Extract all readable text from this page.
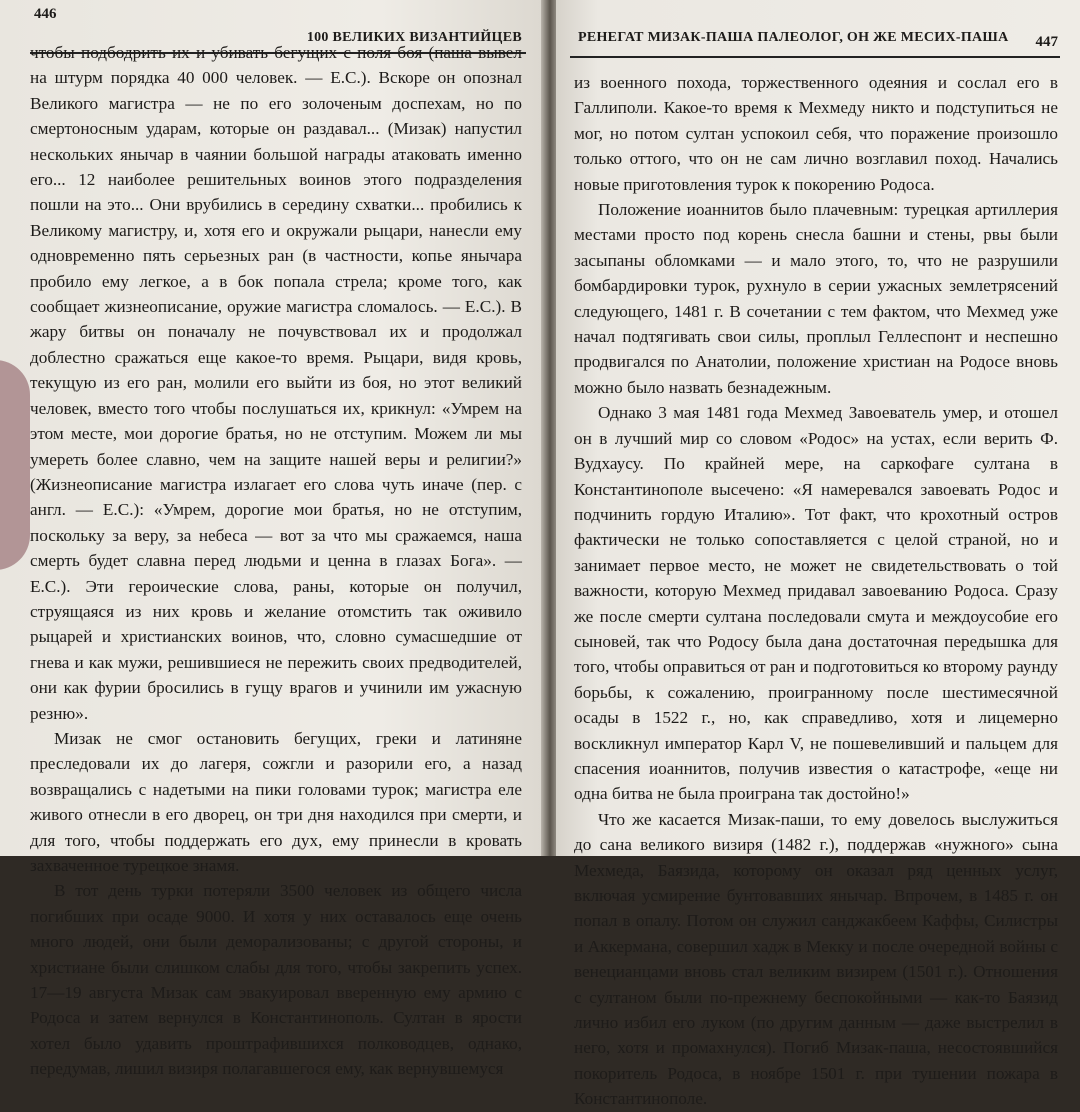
446
100 ВЕЛИКИХ ВИЗАНТИЙЦЕВ

чтобы подбодрить их и убивать бегущих с поля боя (паша вывел на штурм порядка 40 000 человек. — Е.С.). Вскоре он опознал Великого магистра — не по его золоченым доспехам, но по смертоносным ударам, которые он раздавал... (Мизак) напустил нескольких янычар в чаянии большой награды атаковать именно его... 12 наиболее решительных воинов этого подразделения пошли на это... Они врубились в середину схватки... пробились к Великому магистру, и, хотя его и окружали рыцари, нанесли ему одновременно пять серьезных ран (в частности, копье янычара пробило ему легкое, а в бок попала стрела; кроме того, как сообщает жизнеописание, оружие магистра сломалось. — Е.С.). В жару битвы он поначалу не почувствовал их и продолжал доблестно сражаться еще какое-то время. Рыцари, видя кровь, текущую из его ран, молили его выйти из боя, но этот великий человек, вместо того чтобы послушаться их, крикнул: «Умрем на этом месте, мои дорогие братья, но не отступим. Можем ли мы умереть более славно, чем на защите нашей веры и религии?» (Жизнеописание магистра излагает его слова чуть иначе (пер. с англ. — Е.С.): «Умрем, дорогие мои братья, но не отступим, поскольку за веру, за небеса — вот за что мы сражаемся, наша смерть будет славна перед людьми и ценна в глазах Бога». — Е.С.). Эти героические слова, раны, которые он получил, струящаяся из них кровь и желание отомстить так оживило рыцарей и христианских воинов, что, словно сумасшедшие от гнева и как мужи, решившиеся не пережить своих предводителей, они как фурии бросились в гущу врагов и учинили им ужасную резню».

Мизак не смог остановить бегущих, греки и латиняне преследовали их до лагеря, сожгли и разорили его, а назад возвращались с надетыми на пики головами турок; магистра еле живого отнесли в его дворец, он три дня находился при смерти, и для того, чтобы поддержать его дух, ему принесли в кровать захваченное турецкое знамя.

В тот день турки потеряли 3500 человек из общего числа погибших при осаде 9000. И хотя у них оставалось еще очень много людей, они были деморализованы; с другой стороны, и христиане были слишком слабы для того, чтобы закрепить успех. 17—19 августа Мизак сам эвакуировал вверенную ему армию с Родоса и затем вернулся в Константинополь. Султан в ярости хотел было удавить проштрафившихся полководцев, однако, передумав, лишил визиря полагавшегося ему, как вернувшемуся

РЕНЕГАТ МИЗАК-ПАША ПАЛЕОЛОГ, ОН ЖЕ МЕСИХ-ПАША 447

из военного похода, торжественного одеяния и сослал его в Галлиполи. Какое-то время к Мехмеду никто и подступиться не мог, но потом султан успокоил себя, что поражение произошло только оттого, что он не сам лично возглавил поход. Начались новые приготовления турок к покорению Родоса.

Положение иоаннитов было плачевным: турецкая артиллерия местами просто под корень снесла башни и стены, рвы были засыпаны обломками — и мало этого, то, что не разрушили бомбардировки турок, рухнуло в серии ужасных землетрясений следующего, 1481 г. В сочетании с тем фактом, что Мехмед уже начал подтягивать свои силы, проплыл Геллеспонт и неспешно продвигался по Анатолии, положение христиан на Родосе вновь можно было назвать безнадежным.

Однако 3 мая 1481 года Мехмед Завоеватель умер, и отошел он в лучший мир со словом «Родос» на устах, если верить Ф. Вудхаусу. По крайней мере, на саркофаге султана в Константинополе высечено: «Я намеревался завоевать Родос и подчинить гордую Италию». Тот факт, что крохотный остров фактически не только сопоставляется с целой страной, но и занимает первое место, не может не свидетельствовать о той важности, которую Мехмед придавал завоеванию Родоса. Сразу же после смерти султана последовали смута и междоусобие его сыновей, так что Родосу была дана достаточная передышка для того, чтобы оправиться от ран и подготовиться ко второму раунду борьбы, к сожалению, проигранному после шестимесячной осады в 1522 г., но, как справедливо, хотя и лицемерно воскликнул император Карл V, не пошевеливший и пальцем для спасения иоаннитов, получив известия о катастрофе, «еще ни одна битва не была проиграна так достойно!»

Что же касается Мизак-паши, то ему довелось выслужиться до сана великого визиря (1482 г.), поддержав «нужного» сына Мехмеда, Баязида, которому он оказал ряд ценных услуг, включая усмирение бунтовавших янычар. Впрочем, в 1485 г. он попал в опалу. Потом он служил санджакбеем Каффы, Силистры и Аккермана, совершил хадж в Мекку и после очередной войны с венецианцами вновь стал великим визирем (1501 г.). Отношения с султаном были по-прежнему беспокойными — как-то Баязид лично избил его луком (по другим данным — даже выстрелил в него, хотя и промахнулся). Погиб Мизак-паша, несостоявшийся покоритель Родоса, в ноябре 1501 г. при тушении пожара в Константинополе.
